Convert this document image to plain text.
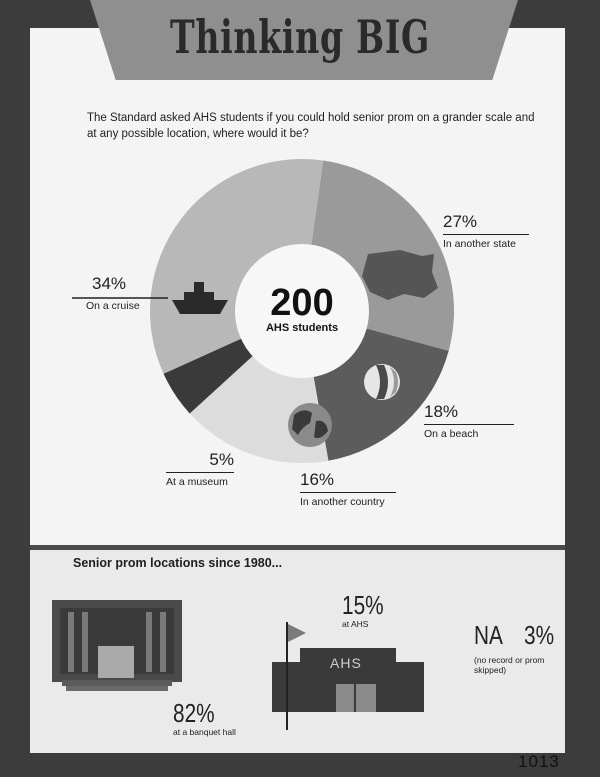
Thinking BIG
The Standard asked AHS students if you could hold senior prom on a grander scale and at any possible location, where would it be?
200
AHS students
27%
In another state
18%
On a beach
16%
In another country
5%
At a museum
34%
On a cruise
Senior prom locations since 1980...
AHS
82%
at a banquet hall
15%
at AHS	NA 3%
(no record or prom skipped)
1013
